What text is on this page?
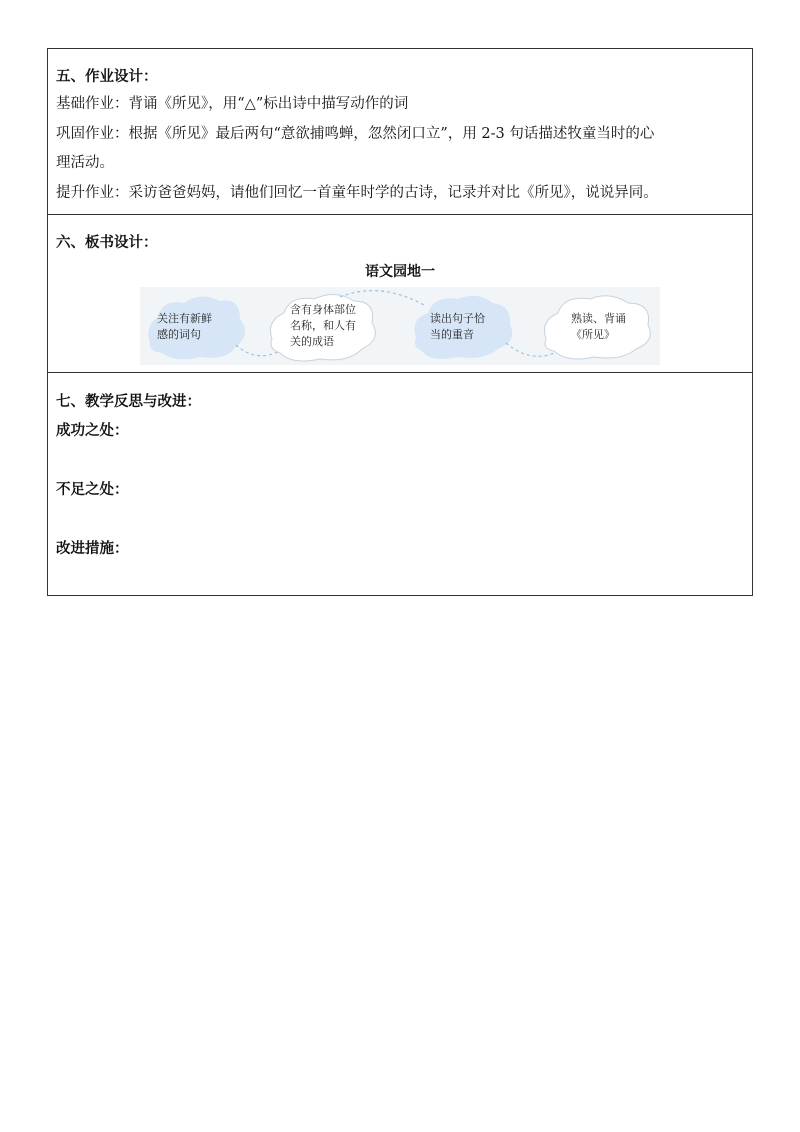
五、作业设计：
基础作业：背诵《所见》，用“△”标出诗中描写动作的词
巩固作业：根据《所见》最后两句“意欲捕鸣蝉，忽然闭口立”，用 2-3 句话描述牧童当时的心
理活动。
提升作业：采访爸爸妈妈，请他们回忆一首童年时学的古诗，记录并对比《所见》，说说异同。
六、板书设计：
语文园地一
关注有新鲜
感的词句
含有身体部位
名称，和人有
关的成语
读出句子恰
当的重音
熟读、背诵
《所见》
七、教学反思与改进：
成功之处：
不足之处：
改进措施：
